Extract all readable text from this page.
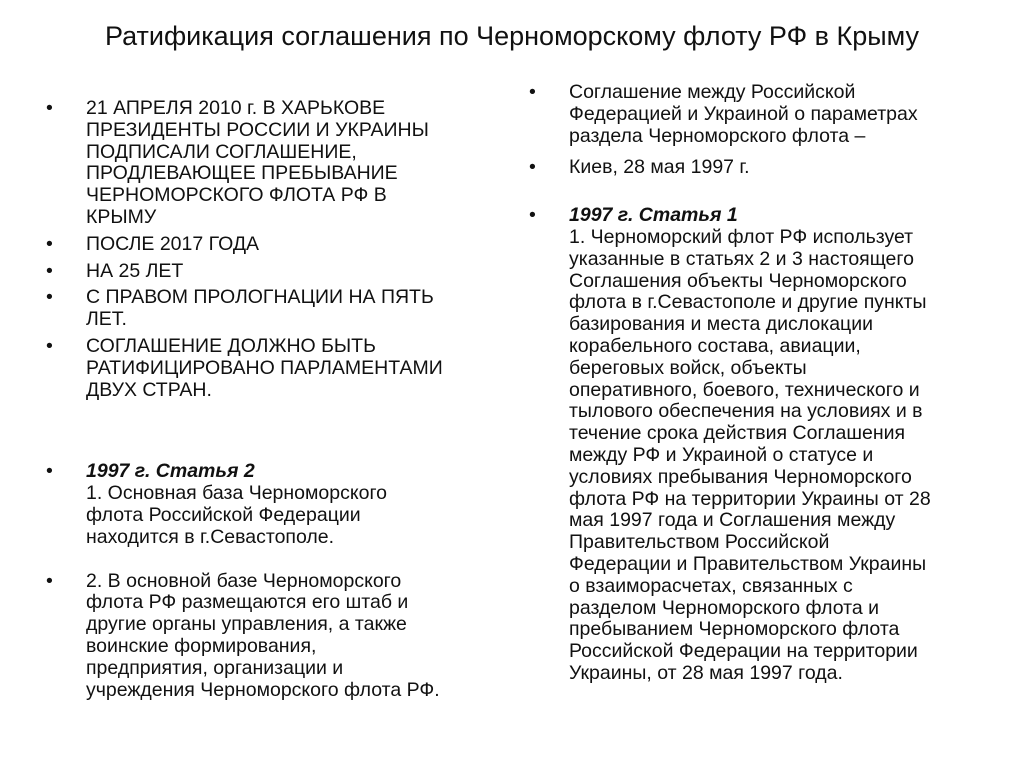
Ратификация соглашения по Черноморскому флоту РФ в Крыму
•	21 АПРЕЛЯ 2010 г. В ХАРЬКОВЕ
ПРЕЗИДЕНТЫ РОССИИ И УКРАИНЫ
ПОДПИСАЛИ СОГЛАШЕНИЕ,
ПРОДЛЕВАЮЩЕЕ ПРЕБЫВАНИЕ
ЧЕРНОМОРСКОГО ФЛОТА РФ В
КРЫМУ
•	ПОСЛЕ 2017 ГОДА
•	НА 25 ЛЕТ
•	С ПРАВОМ ПРОЛОГНАЦИИ НА ПЯТЬ
ЛЕТ.
•	СОГЛАШЕНИЕ ДОЛЖНО БЫТЬ
РАТИФИЦИРОВАНО ПАРЛАМЕНТАМИ
ДВУХ СТРАН.
•	1997 г. Статья 2
1. Основная база Черноморского
флота Российской Федерации
находится в г.Севастополе.
•	2. В основной базе Черноморского
флота РФ размещаются его штаб и
другие органы управления, а также
воинские формирования,
предприятия, организации и
учреждения Черноморского флота РФ.
•	Соглашение между Российской
Федерацией и Украиной о параметрах
раздела Черноморского флота –
•	Киев, 28 мая 1997 г.
•	1997 г. Статья 1
1. Черноморский флот РФ использует
указанные в статьях 2 и 3 настоящего
Соглашения объекты Черноморского
флота в г.Севастополе и другие пункты
базирования и места дислокации
корабельного состава, авиации,
береговых войск, объекты
оперативного, боевого, технического и
тылового обеспечения на условиях и в
течение срока действия Соглашения
между РФ и Украиной о статусе и
условиях пребывания Черноморского
флота РФ на территории Украины от 28
мая 1997 года и Соглашения между
Правительством Российской
Федерации и Правительством Украины
о взаиморасчетах, связанных с
разделом Черноморского флота и
пребыванием Черноморского флота
Российской Федерации на территории
Украины, от 28 мая 1997 года.
